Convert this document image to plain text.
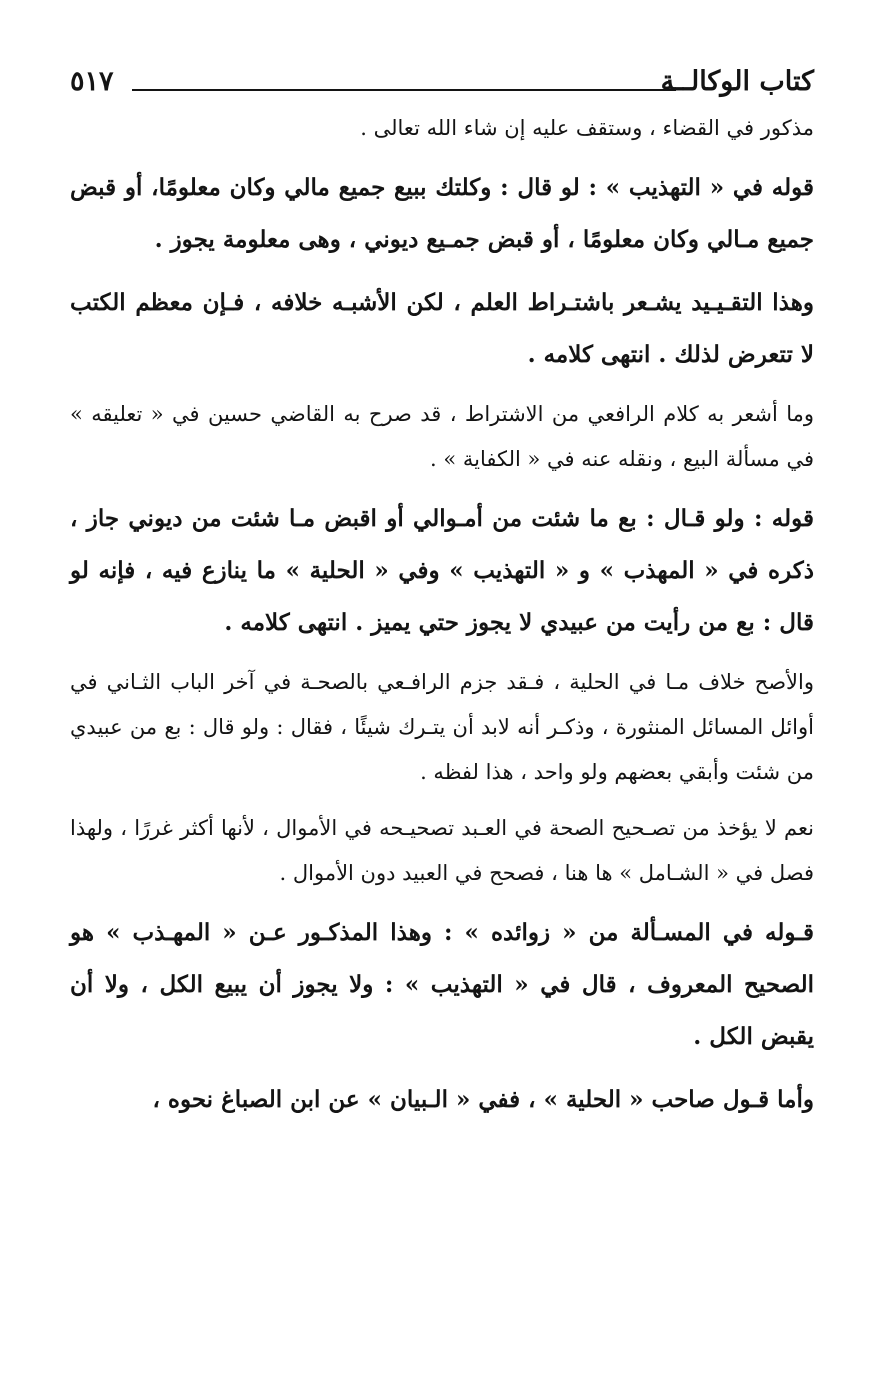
كتاب الوكالــة
٥١٧

مذكور في القضاء ، وستقف عليه إن شاء الله تعالى .

قوله في « التهذيب » : لو قال : وكلتك ببيع جميع مالي وكان معلومًا، أو قبض جميع مـالي وكان معلومًا ، أو قبض جمـيع ديوني ، وهى معلومة يجوز .

وهذا التقـيـيد يشـعر باشتـراط العلم ، لكن الأشبـه خلافه ، فـإن معظم الكتب لا تتعرض لذلك . انتهى كلامه .

وما أشعر به كلام الرافعي من الاشتراط ، قد صرح به القاضي حسين في « تعليقه » في مسألة البيع ، ونقله عنه في « الكفاية » .

قوله : ولو قـال : بع ما شئت من أمـوالي أو اقبض مـا شئت من ديوني جاز ، ذكره في « المهذب » و « التهذيب » وفي « الحلية » ما ينازع فيه ، فإنه لو قال : بع من رأيت من عبيدي لا يجوز حتي يميز . انتهى كلامه .

والأصح خلاف مـا في الحلية ، فـقد جزم الرافـعي بالصحـة في آخر الباب الثـاني في أوائل المسائل المنثورة ، وذكـر أنه لابد أن يتـرك شيئًا ، فقال : ولو قال : بع من عبيدي من شئت وأبقي بعضهم ولو واحد ، هذا لفظه .

نعم لا يؤخذ من تصـحيح الصحة في العـبد تصحيـحه في الأموال ، لأنها أكثر غررًا ، ولهذا فصل في « الشـامل » ها هنا ، فصحح في العبيد دون الأموال .

قـوله في المسـألة من « زوائده » : وهذا المذكـور عـن « المهـذب » هو الصحيح المعروف ، قال في « التهذيب » : ولا يجوز أن يبيع الكل ، ولا أن يقبض الكل .

وأما قـول صاحب « الحلية » ، ففي « الـبيان » عن ابن الصباغ نحوه ،
